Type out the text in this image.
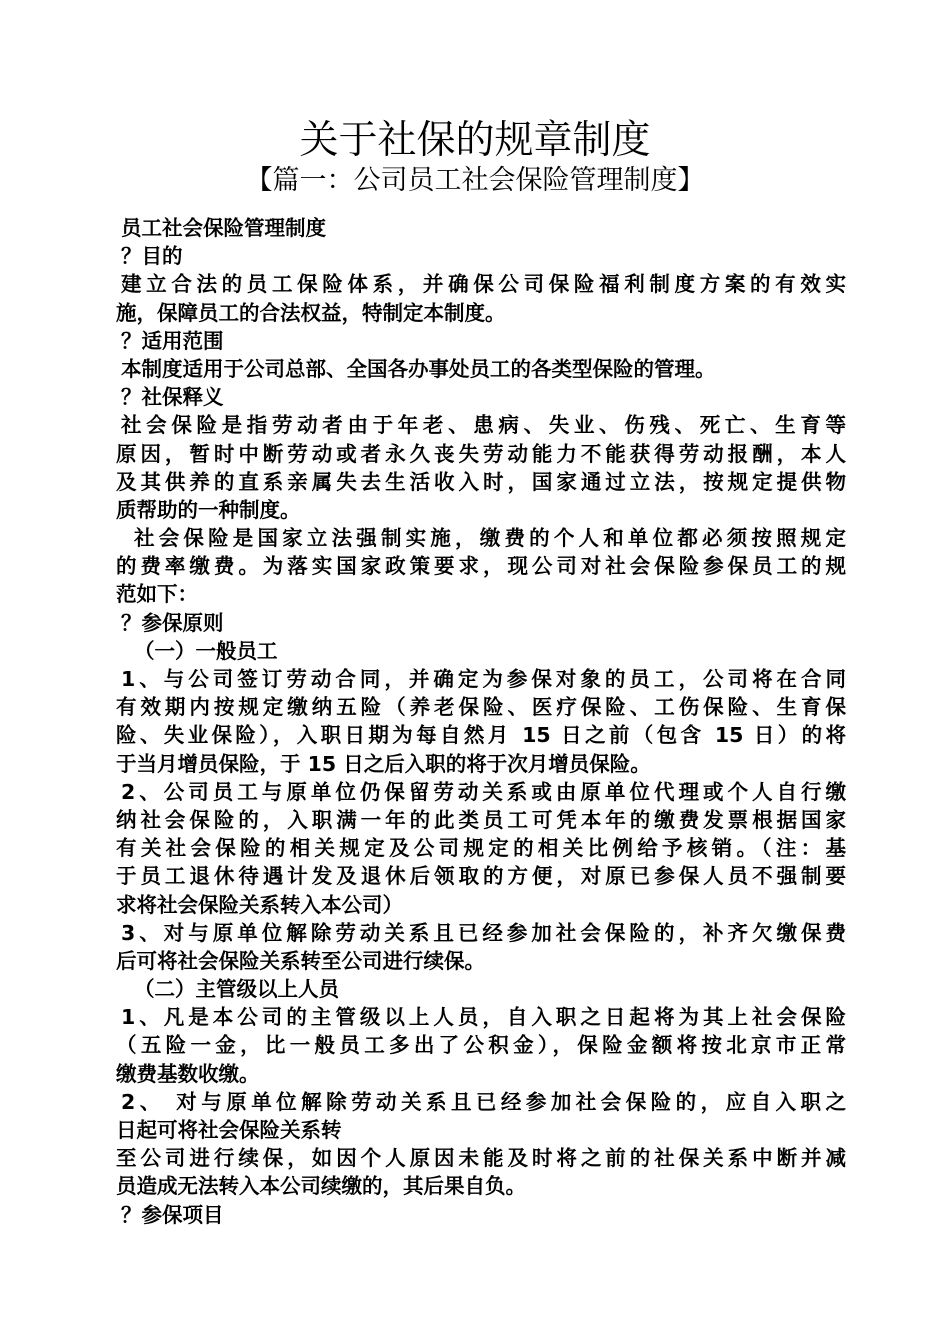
关于社保的规章制度
【篇一：公司员工社会保险管理制度】

员工社会保险管理制度

？目的

建立合法的员工保险体系，并确保公司保险福利制度方案的有效实

施，保障员工的合法权益，特制定本制度。

？适用范围

本制度适用于公司总部、全国各办事处员工的各类型保险的管理。

？社保释义

社会保险是指劳动者由于年老、患病、失业、伤残、死亡、生育等

原因，暂时中断劳动或者永久丧失劳动能力不能获得劳动报酬，本人

及其供养的直系亲属失去生活收入时，国家通过立法，按规定提供物

质帮助的一种制度。

社会保险是国家立法强制实施，缴费的个人和单位都必须按照规定

的费率缴费。为落实国家政策要求，现公司对社会保险参保员工的规

范如下：

？参保原则

（一）一般员工

1、与公司签订劳动合同，并确定为参保对象的员工，公司将在合同

有效期内按规定缴纳五险（养老保险、医疗保险、工伤保险、生育保

险、失业保险），入职日期为每自然月 15 日之前（包含 15 日）的将

于当月增员保险，于 15 日之后入职的将于次月增员保险。

2、公司员工与原单位仍保留劳动关系或由原单位代理或个人自行缴

纳社会保险的，入职满一年的此类员工可凭本年的缴费发票根据国家

有关社会保险的相关规定及公司规定的相关比例给予核销。（注：基

于员工退休待遇计发及退休后领取的方便，对原已参保人员不强制要

求将社会保险关系转入本公司）

3、对与原单位解除劳动关系且已经参加社会保险的，补齐欠缴保费

后可将社会保险关系转至公司进行续保。

（二）主管级以上人员

1、凡是本公司的主管级以上人员，自入职之日起将为其上社会保险

（五险一金，比一般员工多出了公积金），保险金额将按北京市正常

缴费基数收缴。

2、 对与原单位解除劳动关系且已经参加社会保险的，应自入职之

日起可将社会保险关系转

至公司进行续保，如因个人原因未能及时将之前的社保关系中断并减

员造成无法转入本公司续缴的，其后果自负。

？参保项目
